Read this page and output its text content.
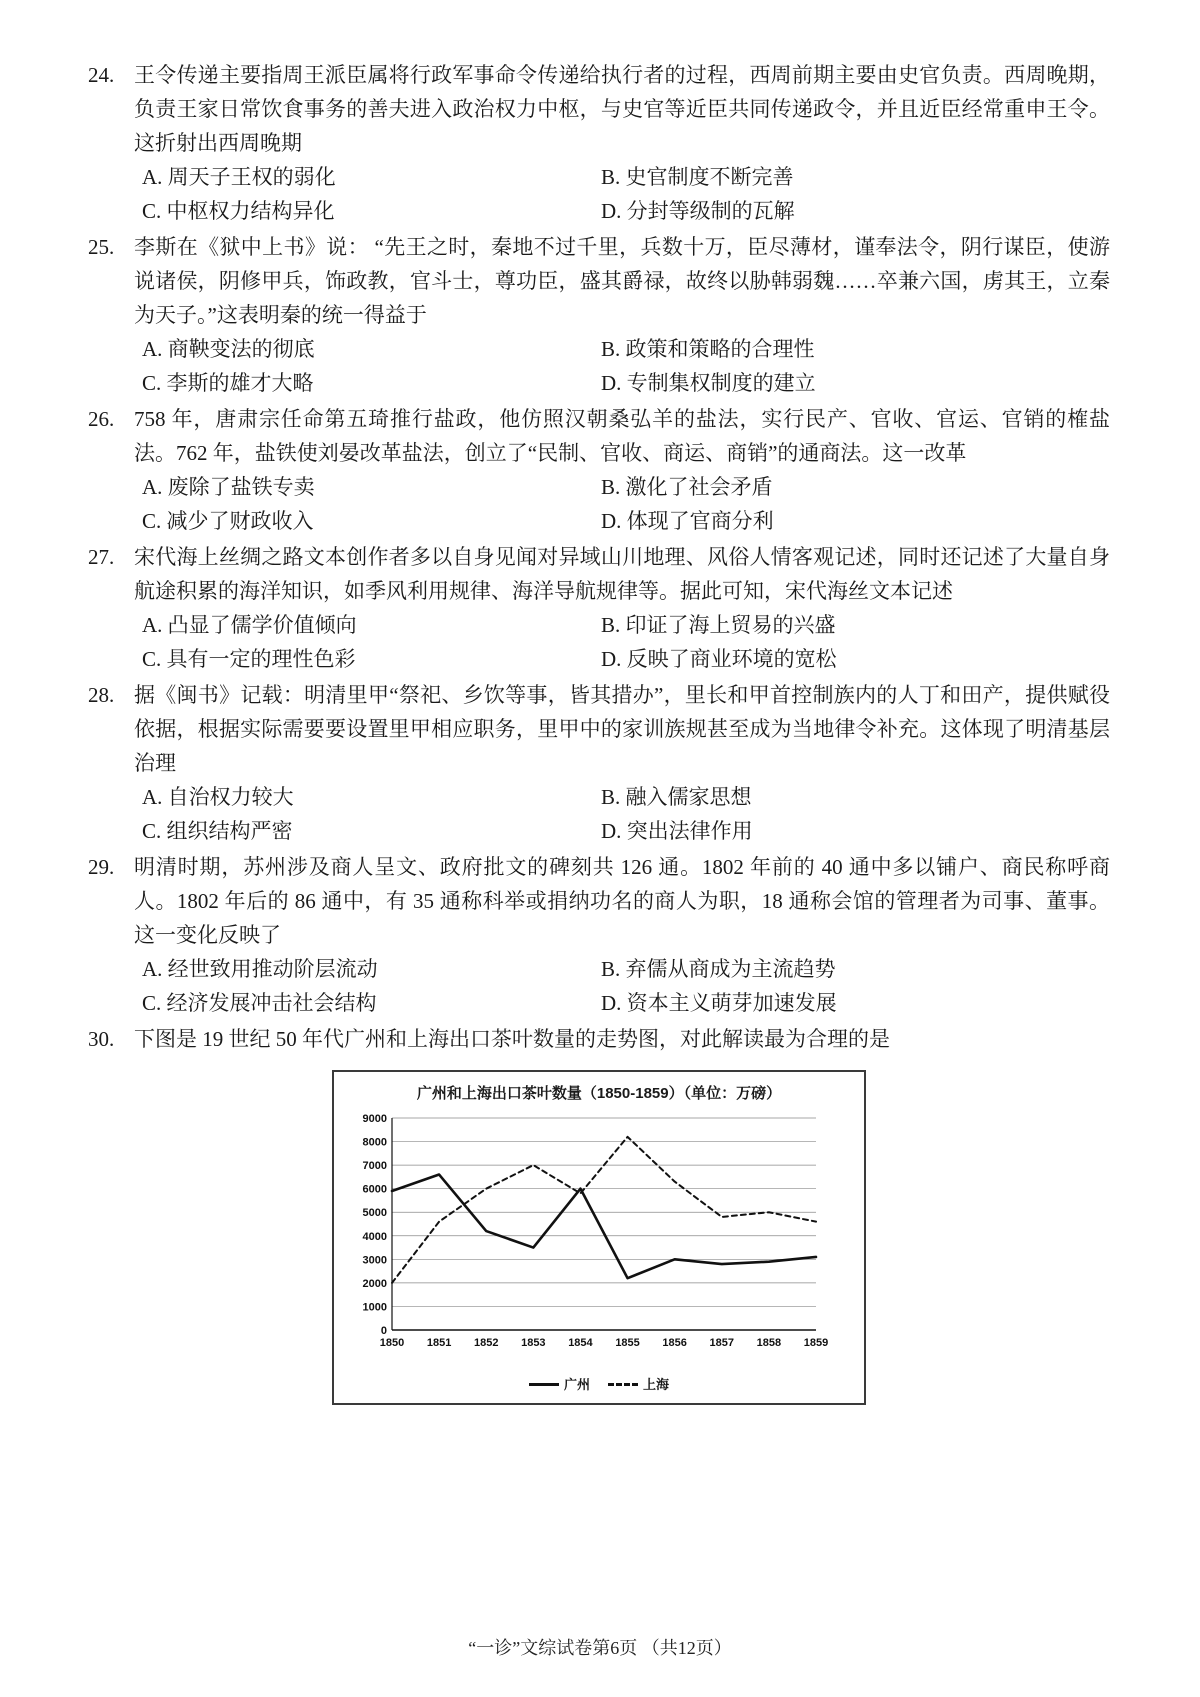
24. 王令传递主要指周王派臣属将行政军事命令传递给执行者的过程，西周前期主要由史官负责。西周晚期，负责王家日常饮食事务的善夫进入政治权力中枢，与史官等近臣共同传递政令，并且近臣经常重申王令。这折射出西周晚期
A. 周天子王权的弱化	B. 史官制度不断完善
C. 中枢权力结构异化	D. 分封等级制的瓦解
25. 李斯在《狱中上书》说： “先王之时，秦地不过千里，兵数十万，臣尽薄材，谨奉法令，阴行谋臣，使游说诸侯，阴修甲兵，饰政教，官斗士，尊功臣，盛其爵禄，故终以胁韩弱魏……卒兼六国，虏其王，立秦为天子。”这表明秦的统一得益于
A. 商鞅变法的彻底	B. 政策和策略的合理性
C. 李斯的雄才大略	D. 专制集权制度的建立
26. 758 年，唐肃宗任命第五琦推行盐政，他仿照汉朝桑弘羊的盐法，实行民产、官收、官运、官销的榷盐法。762 年，盐铁使刘晏改革盐法，创立了“民制、官收、商运、商销”的通商法。这一改革
A. 废除了盐铁专卖	B. 激化了社会矛盾
C. 减少了财政收入	D. 体现了官商分利
27. 宋代海上丝绸之路文本创作者多以自身见闻对异域山川地理、风俗人情客观记述，同时还记述了大量自身航途积累的海洋知识，如季风利用规律、海洋导航规律等。据此可知，宋代海丝文本记述
A. 凸显了儒学价值倾向	B. 印证了海上贸易的兴盛
C. 具有一定的理性色彩	D. 反映了商业环境的宽松
28. 据《闽书》记载：明清里甲“祭祀、乡饮等事，皆其措办”，里长和甲首控制族内的人丁和田产，提供赋役依据，根据实际需要要设置里甲相应职务，里甲中的家训族规甚至成为当地律令补充。这体现了明清基层治理
A. 自治权力较大	B. 融入儒家思想
C. 组织结构严密	D. 突出法律作用
29. 明清时期，苏州涉及商人呈文、政府批文的碑刻共 126 通。1802 年前的 40 通中多以铺户、商民称呼商人。1802 年后的 86 通中，有 35 通称科举或捐纳功名的商人为职，18 通称会馆的管理者为司事、董事。这一变化反映了
A. 经世致用推动阶层流动	B. 弃儒从商成为主流趋势
C. 经济发展冲击社会结构	D. 资本主义萌芽加速发展
30. 下图是 19 世纪 50 年代广州和上海出口茶叶数量的走势图，对此解读最为合理的是
广州和上海出口茶叶数量（1850-1859）（单位：万磅）
0
1000
2000
3000
4000
5000
6000
7000
8000
9000
1850 1851 1852 1853 1854 1855 1856 1857 1858 1859
广州	上海
“一诊”文综试卷第6页 （共12页）
